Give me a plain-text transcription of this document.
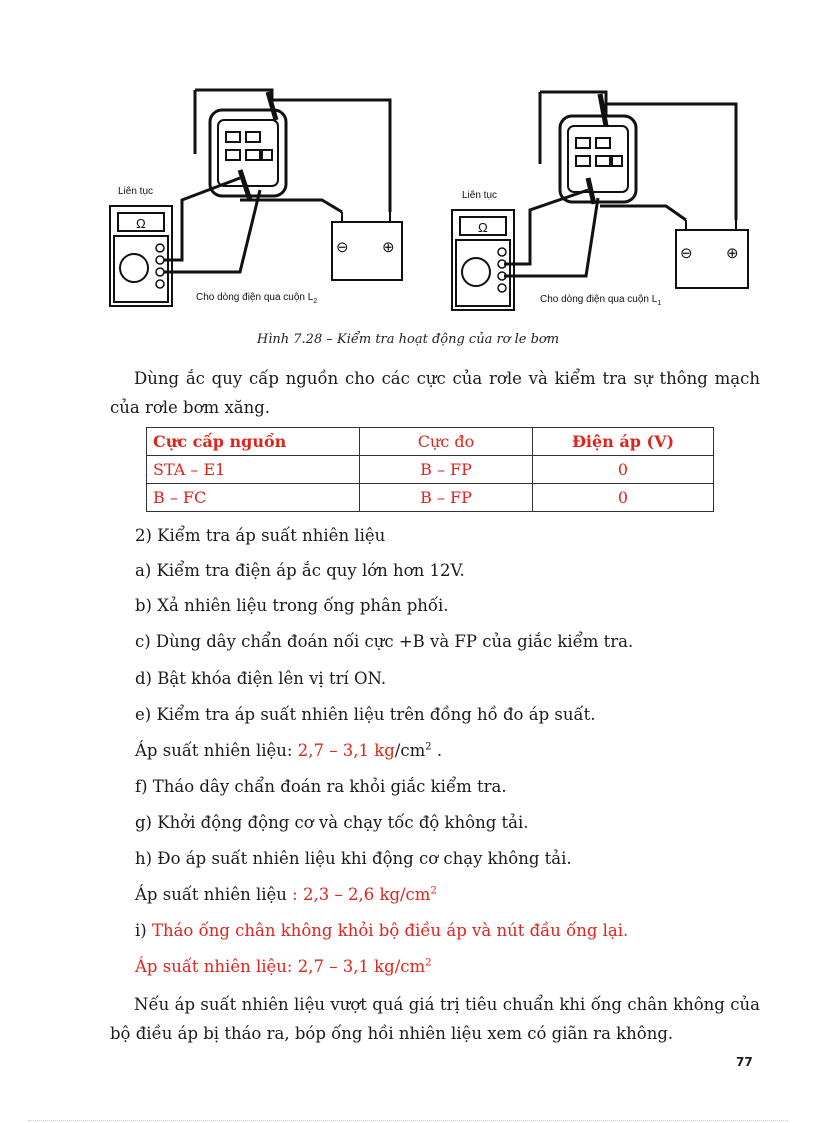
Liên tục
Ω
⊖ ⊕
Cho dòng điện qua cuộn $L_2$
Liên tục
Ω
⊖ ⊕
Cho dòng điện qua cuộn $L_1$
Hình 7.28 – Kiểm tra hoạt động của rơ le bơm
Dùng ắc quy cấp nguồn cho các cực của rơle và kiểm tra sự thông mạch của rơle bơm xăng.
Cực cấp nguồn	Cực đo	Điện áp (V)
STA – E1	B – FP	0
B – FC	B – FP	0
2) Kiểm tra áp suất nhiên liệu
a) Kiểm tra điện áp ắc quy lớn hơn 12V.
b) Xả nhiên liệu trong ống phân phối.
c) Dùng dây chẩn đoán nối cực +B và FP của giắc kiểm tra.
d) Bật khóa điện lên vị trí ON.
e) Kiểm tra áp suất nhiên liệu trên đồng hồ đo áp suất.
Áp suất nhiên liệu: 2,7 – 3,1 $kg/cm^2$ .
f) Tháo dây chẩn đoán ra khỏi giắc kiểm tra.
g) Khởi động động cơ và chạy tốc độ không tải.
h) Đo áp suất nhiên liệu khi động cơ chạy không tải.
Áp suất nhiên liệu : 2,3 – 2,6 $kg/cm^2$
i) Tháo ống chân không khỏi bộ điều áp và nút đầu ống lại.
Áp suất nhiên liệu: 2,7 – 3,1 $kg/cm^2$
Nếu áp suất nhiên liệu vượt quá giá trị tiêu chuẩn khi ống chân không của bộ điều áp bị tháo ra, bóp ống hồi nhiên liệu xem có giãn ra không.
77
